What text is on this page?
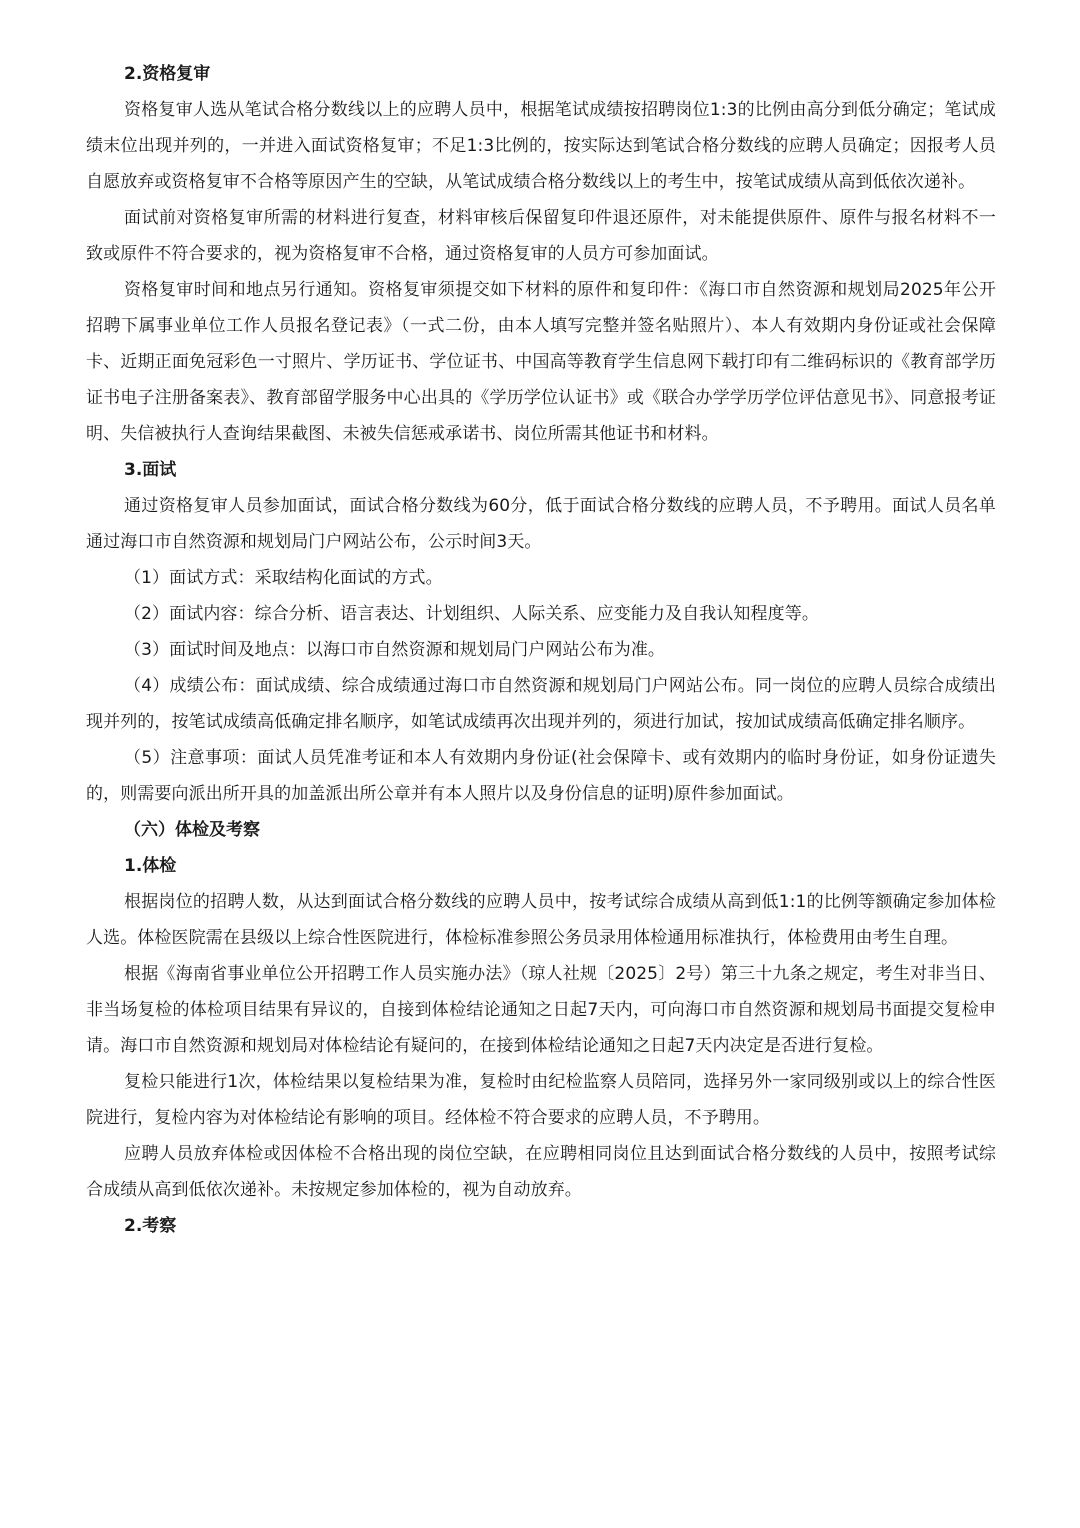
2.资格复审

资格复审人选从笔试合格分数线以上的应聘人员中，根据笔试成绩按招聘岗位1:3的比例由高分到低分确定；笔试成绩末位出现并列的，一并进入面试资格复审；不足1:3比例的，按实际达到笔试合格分数线的应聘人员确定；因报考人员自愿放弃或资格复审不合格等原因产生的空缺，从笔试成绩合格分数线以上的考生中，按笔试成绩从高到低依次递补。

面试前对资格复审所需的材料进行复查，材料审核后保留复印件退还原件，对未能提供原件、原件与报名材料不一致或原件不符合要求的，视为资格复审不合格，通过资格复审的人员方可参加面试。

资格复审时间和地点另行通知。资格复审须提交如下材料的原件和复印件：《海口市自然资源和规划局2025年公开招聘下属事业单位工作人员报名登记表》（一式二份，由本人填写完整并签名贴照片）、本人有效期内身份证或社会保障卡、近期正面免冠彩色一寸照片、学历证书、学位证书、中国高等教育学生信息网下载打印有二维码标识的《教育部学历证书电子注册备案表》、教育部留学服务中心出具的《学历学位认证书》或《联合办学学历学位评估意见书》、同意报考证明、失信被执行人查询结果截图、未被失信惩戒承诺书、岗位所需其他证书和材料。

3.面试

通过资格复审人员参加面试，面试合格分数线为60分，低于面试合格分数线的应聘人员，不予聘用。面试人员名单通过海口市自然资源和规划局门户网站公布，公示时间3天。

（1）面试方式：采取结构化面试的方式。

（2）面试内容：综合分析、语言表达、计划组织、人际关系、应变能力及自我认知程度等。

（3）面试时间及地点：以海口市自然资源和规划局门户网站公布为准。

（4）成绩公布：面试成绩、综合成绩通过海口市自然资源和规划局门户网站公布。同一岗位的应聘人员综合成绩出现并列的，按笔试成绩高低确定排名顺序，如笔试成绩再次出现并列的，须进行加试，按加试成绩高低确定排名顺序。

（5）注意事项：面试人员凭准考证和本人有效期内身份证(社会保障卡、或有效期内的临时身份证，如身份证遗失的，则需要向派出所开具的加盖派出所公章并有本人照片以及身份信息的证明)原件参加面试。

（六）体检及考察
1.体检

根据岗位的招聘人数，从达到面试合格分数线的应聘人员中，按考试综合成绩从高到低1:1的比例等额确定参加体检人选。体检医院需在县级以上综合性医院进行，体检标准参照公务员录用体检通用标准执行，体检费用由考生自理。

根据《海南省事业单位公开招聘工作人员实施办法》（琼人社规〔2025〕2号）第三十九条之规定，考生对非当日、非当场复检的体检项目结果有异议的，自接到体检结论通知之日起7天内，可向海口市自然资源和规划局书面提交复检申请。海口市自然资源和规划局对体检结论有疑问的，在接到体检结论通知之日起7天内决定是否进行复检。

复检只能进行1次，体检结果以复检结果为准，复检时由纪检监察人员陪同，选择另外一家同级别或以上的综合性医院进行，复检内容为对体检结论有影响的项目。经体检不符合要求的应聘人员，不予聘用。

应聘人员放弃体检或因体检不合格出现的岗位空缺，在应聘相同岗位且达到面试合格分数线的人员中，按照考试综合成绩从高到低依次递补。未按规定参加体检的，视为自动放弃。

2.考察
